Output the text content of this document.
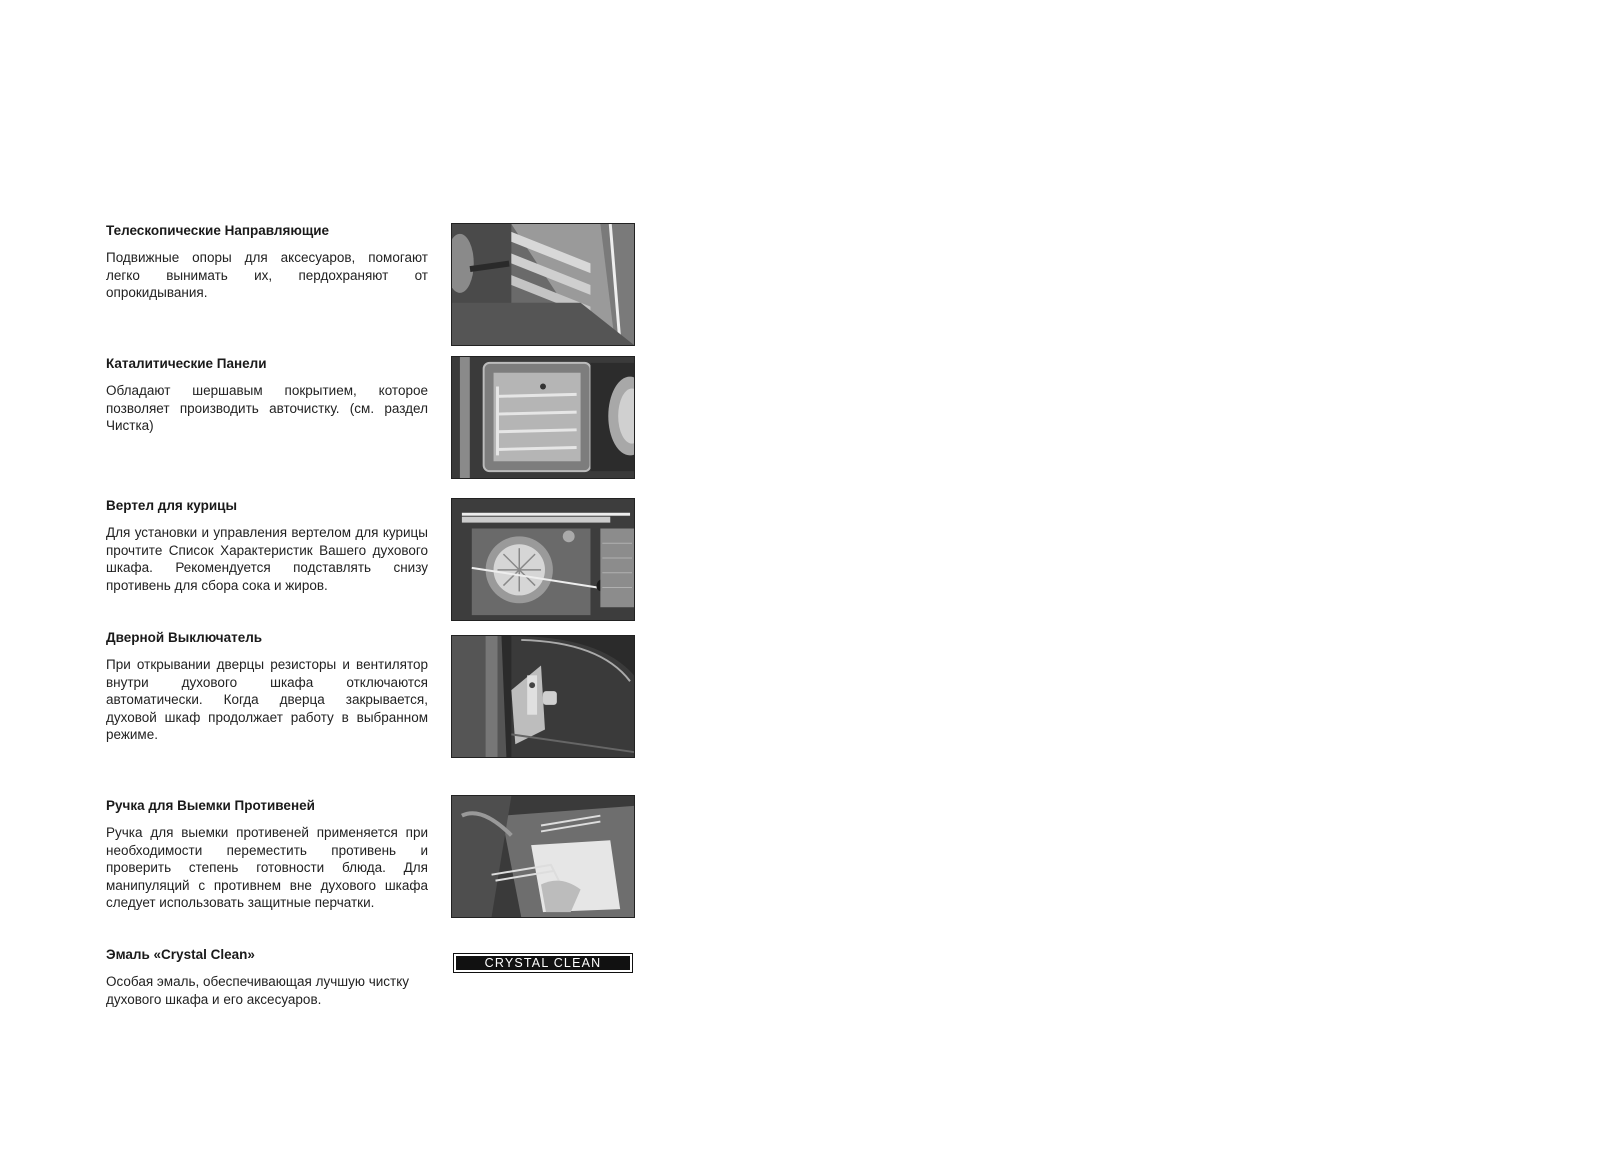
Телескопические Направляющие

Подвижные опоры для аксесуаров, помогают легко вынимать их, пердохраняют от опрокидывания.

Каталитические Панели

Обладают шершавым покрытием, которое позволяет производить авточистку. (см. раздел Чистка)

Вертел для курицы

Для установки и управления вертелом для курицы прочтите Список Характеристик Вашего духового шкафа. Рекомендуется подставлять снизу противень для сбора сока и жиров.

Дверной Выключатель

При открывании дверцы резисторы и вентилятор внутри духового шкафа отключаются автоматически. Когда дверца закрывается, духовой шкаф продолжает работу в выбранном режиме.

Ручка для Выемки Противеней

Ручка для выемки противеней применяется при необходимости переместить противень и проверить степень готовности блюда. Для манипуляций с противнем вне духового шкафа следует использовать защитные перчатки.

Эмаль «Crystal Clean»

Особая эмаль, обеспечивающая лучшую чистку духового шкафа и его аксесуаров.

CRYSTAL CLEAN
